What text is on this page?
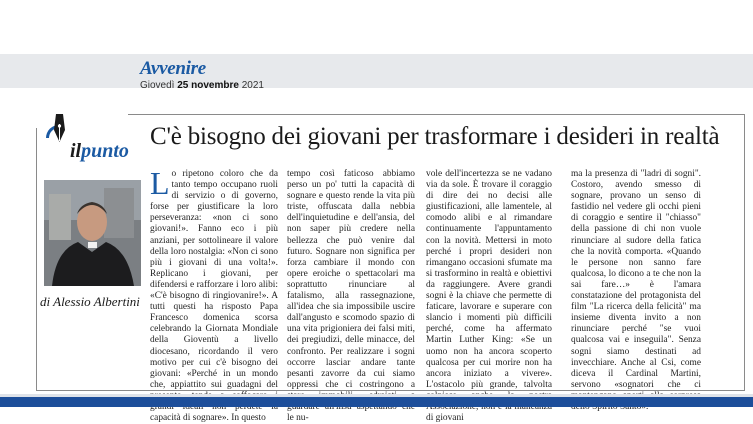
Avvenire
Giovedì 25 novembre 2021
ilpunto
C'è bisogno dei giovani per trasformare i desideri in realtà
di Alessio Albertini
Lo ripetono coloro che da tanto tempo occupano ruoli di servizio o di governo, forse per giustificare la loro perseveranza: «non ci sono giovani!». Fanno eco i più anziani, per sottolineare il valore della loro nostalgia: «Non ci sono più i giovani di una volta!». Replicano i giovani, per difendersi e rafforzare i loro alibi: «C'è bisogno di ringiovanire!». A tutti questi ha risposto Papa Francesco domenica scorsa celebrando la Giornata Mondiale della Gioventù a livello diocesano, ricordando il vero motivo per cui c'è bisogno dei giovani: «Perché in un mondo che, appiattito sui guadagni del capacità di sognare». In questo
tempo così faticoso abbiamo perso un po' tutti la capacità di sognare e questo rende la vita più triste, offuscata dalla nebbia dell'inquietudine e dell'ansia, del non saper più credere nella bellezza che può venire dal futuro. Sognare non significa per forza cambiare il mondo con opere eroiche o spettacolari ma soprattutto rinunciare al fatalismo, alla rassegnazione, all'idea che sia impossibile uscire dall'angusto e scomodo spazio di una vita prigioniera dei falsi miti, dei pregiudizi, delle minacce, del confronto. Per realizzare i sogni occorre lasciar andare tante pesanti zavorre da cui siamo oppressi che ci costringono a le nu-
vole dell'incertezza se ne vadano via da sole. È trovare il coraggio di dire dei no decisi alle giustificazioni, alle lamentele, al comodo alibi e al rimandare continuamente l'appuntamento con la novità. Mettersi in moto perché i propri desideri non rimangano occasioni sfumate ma si trasformino in realtà e obiettivi da raggiungere. Avere grandi sogni è la chiave che permette di faticare, lavorare e superare con slancio i momenti più difficili perché, come ha affermato Martin Luther King: «Se un uomo non ha ancora scoperto qualcosa per cui morire non ha ancora iniziato a vivere». L'ostacolo più grande, talvolta di giovani
ma la presenza di "ladri di sogni". Costoro, avendo smesso di sognare, provano un senso di fastidio nel vedere gli occhi pieni di coraggio e sentire il "chiasso" della passione di chi non vuole rinunciare al sudore della fatica che la novità comporta. «Quando le persone non sanno fare qualcosa, lo dicono a te che non la sai fare…» è l'amara constatazione del protagonista del film "La ricerca della felicità" ma insieme diventa invito a non rinunciare perché "se vuoi qualcosa vai e inseguila". Senza sogni siamo destinati ad invecchiare. Anche al Csi, come diceva il Cardinal Martini, servono «sognatori che ci
